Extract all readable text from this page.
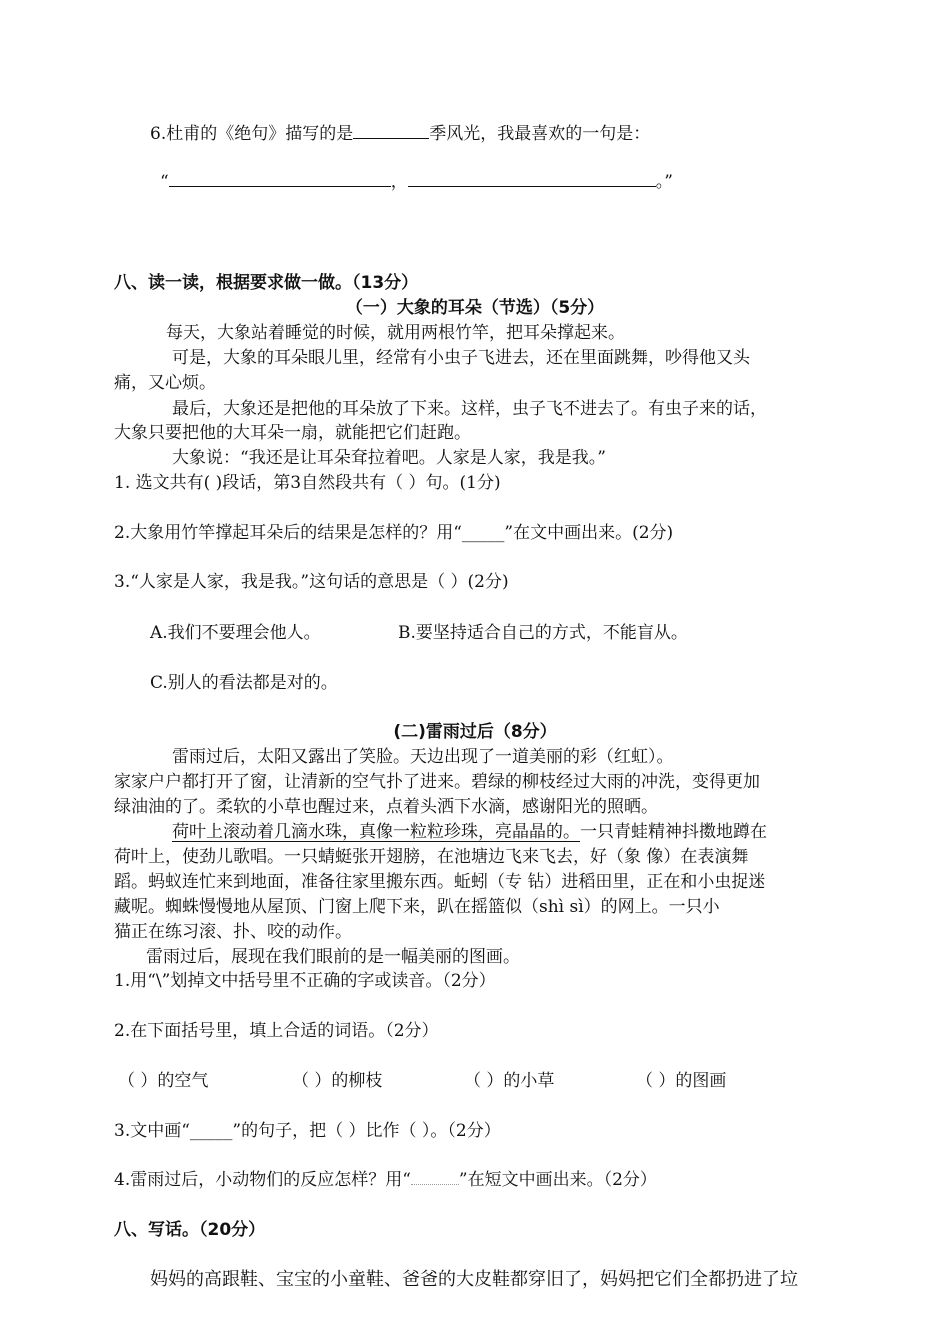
6.杜甫的《绝句》描写的是	季风光，我最喜欢的一句是：
“	，	。”
八、读一读，根据要求做一做。（13分）
（一）大象的耳朵（节选）（5分）
每天，大象站着睡觉的时候，就用两根竹竿，把耳朵撑起来。
可是，大象的耳朵眼儿里，经常有小虫子飞进去，还在里面跳舞，吵得他又头
痛，又心烦。
最后，大象还是把他的耳朵放了下来。这样，虫子飞不进去了。有虫子来的话，
大象只要把他的大耳朵一扇，就能把它们赶跑。
大象说：“我还是让耳朵耷拉着吧。人家是人家，我是我。”
1. 选文共有( )段话，第3自然段共有（ ）句。(1分)
2.大象用竹竿撑起耳朵后的结果是怎样的？用“_____”在文中画出来。(2分)
3.“人家是人家，我是我。”这句话的意思是（ ）(2分)
A.我们不要理会他人。	B.要坚持适合自己的方式，不能盲从。
C.别人的看法都是对的。
(二)雷雨过后（8分）
雷雨过后，太阳又露出了笑脸。天边出现了一道美丽的彩（红虹）。
家家户户都打开了窗，让清新的空气扑了进来。碧绿的柳枝经过大雨的冲洗，变得更加
绿油油的了。柔软的小草也醒过来，点着头洒下水滴，感谢阳光的照晒。
荷叶上滚动着几滴水珠，真像一粒粒珍珠，亮晶晶的。一只青蛙精神抖擞地蹲在
荷叶上，使劲儿歌唱。一只蜻蜓张开翅膀，在池塘边飞来飞去，好（象 像）在表演舞
蹈。蚂蚁连忙来到地面，准备往家里搬东西。蚯蚓（专 钻）进稻田里，正在和小虫捉迷
藏呢。蜘蛛慢慢地从屋顶、门窗上爬下来，趴在摇篮似（shì sì）的网上。一只小
猫正在练习滚、扑、咬的动作。
雷雨过后，展现在我们眼前的是一幅美丽的图画。
1.用“\”划掉文中括号里不正确的字或读音。（2分）
2.在下面括号里，填上合适的词语。（2分）
（ ）的空气	（ ）的柳枝	（ ）的小草	（ ）的图画
3.文中画“_____”的句子，把（ ）比作（ ）。（2分）
4.雷雨过后，小动物们的反应怎样？用“	”在短文中画出来。（2分）
八、写话。（20分）
妈妈的高跟鞋、宝宝的小童鞋、爸爸的大皮鞋都穿旧了，妈妈把它们全都扔进了垃
